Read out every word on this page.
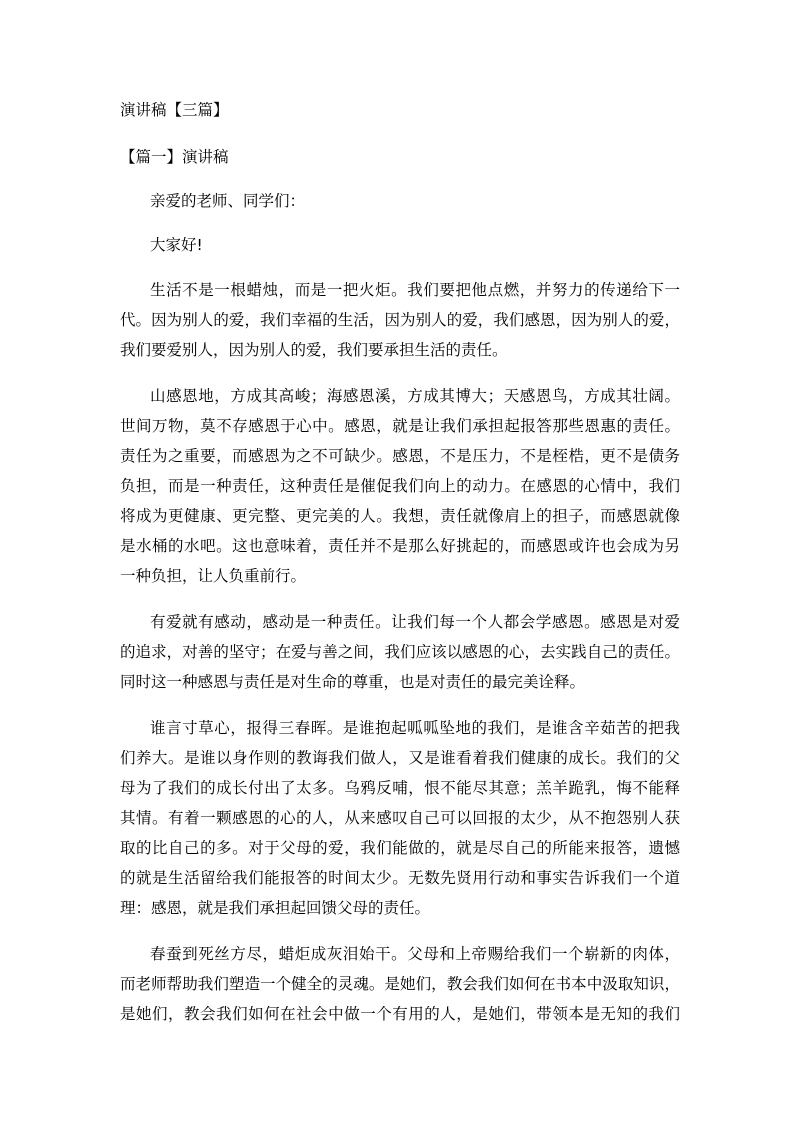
演讲稿【三篇】

【篇一】演讲稿

亲爱的老师、同学们：

大家好!

生活不是一根蜡烛，而是一把火炬。我们要把他点燃，并努力的传递给下一

代。因为别人的爱，我们幸福的生活，因为别人的爱，我们感恩，因为别人的爱，

我们要爱别人，因为别人的爱，我们要承担生活的责任。

山感恩地，方成其高峻；海感恩溪，方成其博大；天感恩鸟，方成其壮阔。

世间万物，莫不存感恩于心中。感恩，就是让我们承担起报答那些恩惠的责任。

责任为之重要，而感恩为之不可缺少。感恩，不是压力，不是桎梏，更不是债务

负担，而是一种责任，这种责任是催促我们向上的动力。在感恩的心情中，我们

将成为更健康、更完整、更完美的人。我想，责任就像肩上的担子，而感恩就像

是水桶的水吧。这也意味着，责任并不是那么好挑起的，而感恩或许也会成为另

一种负担，让人负重前行。

有爱就有感动，感动是一种责任。让我们每一个人都会学感恩。感恩是对爱

的追求，对善的坚守；在爱与善之间，我们应该以感恩的心，去实践自己的责任。

同时这一种感恩与责任是对生命的尊重，也是对责任的最完美诠释。

谁言寸草心，报得三春晖。是谁抱起呱呱坠地的我们，是谁含辛茹苦的把我

们养大。是谁以身作则的教诲我们做人，又是谁看着我们健康的成长。我们的父

母为了我们的成长付出了太多。乌鸦反哺，恨不能尽其意；羔羊跪乳，悔不能释

其情。有着一颗感恩的心的人，从来感叹自己可以回报的太少，从不抱怨别人获

取的比自己的多。对于父母的爱，我们能做的，就是尽自己的所能来报答，遗憾

的就是生活留给我们能报答的时间太少。无数先贤用行动和事实告诉我们一个道

理：感恩，就是我们承担起回馈父母的责任。

春蚕到死丝方尽，蜡炬成灰泪始干。父母和上帝赐给我们一个崭新的肉体，

而老师帮助我们塑造一个健全的灵魂。是她们，教会我们如何在书本中汲取知识，

是她们，教会我们如何在社会中做一个有用的人，是她们，带领本是无知的我们
